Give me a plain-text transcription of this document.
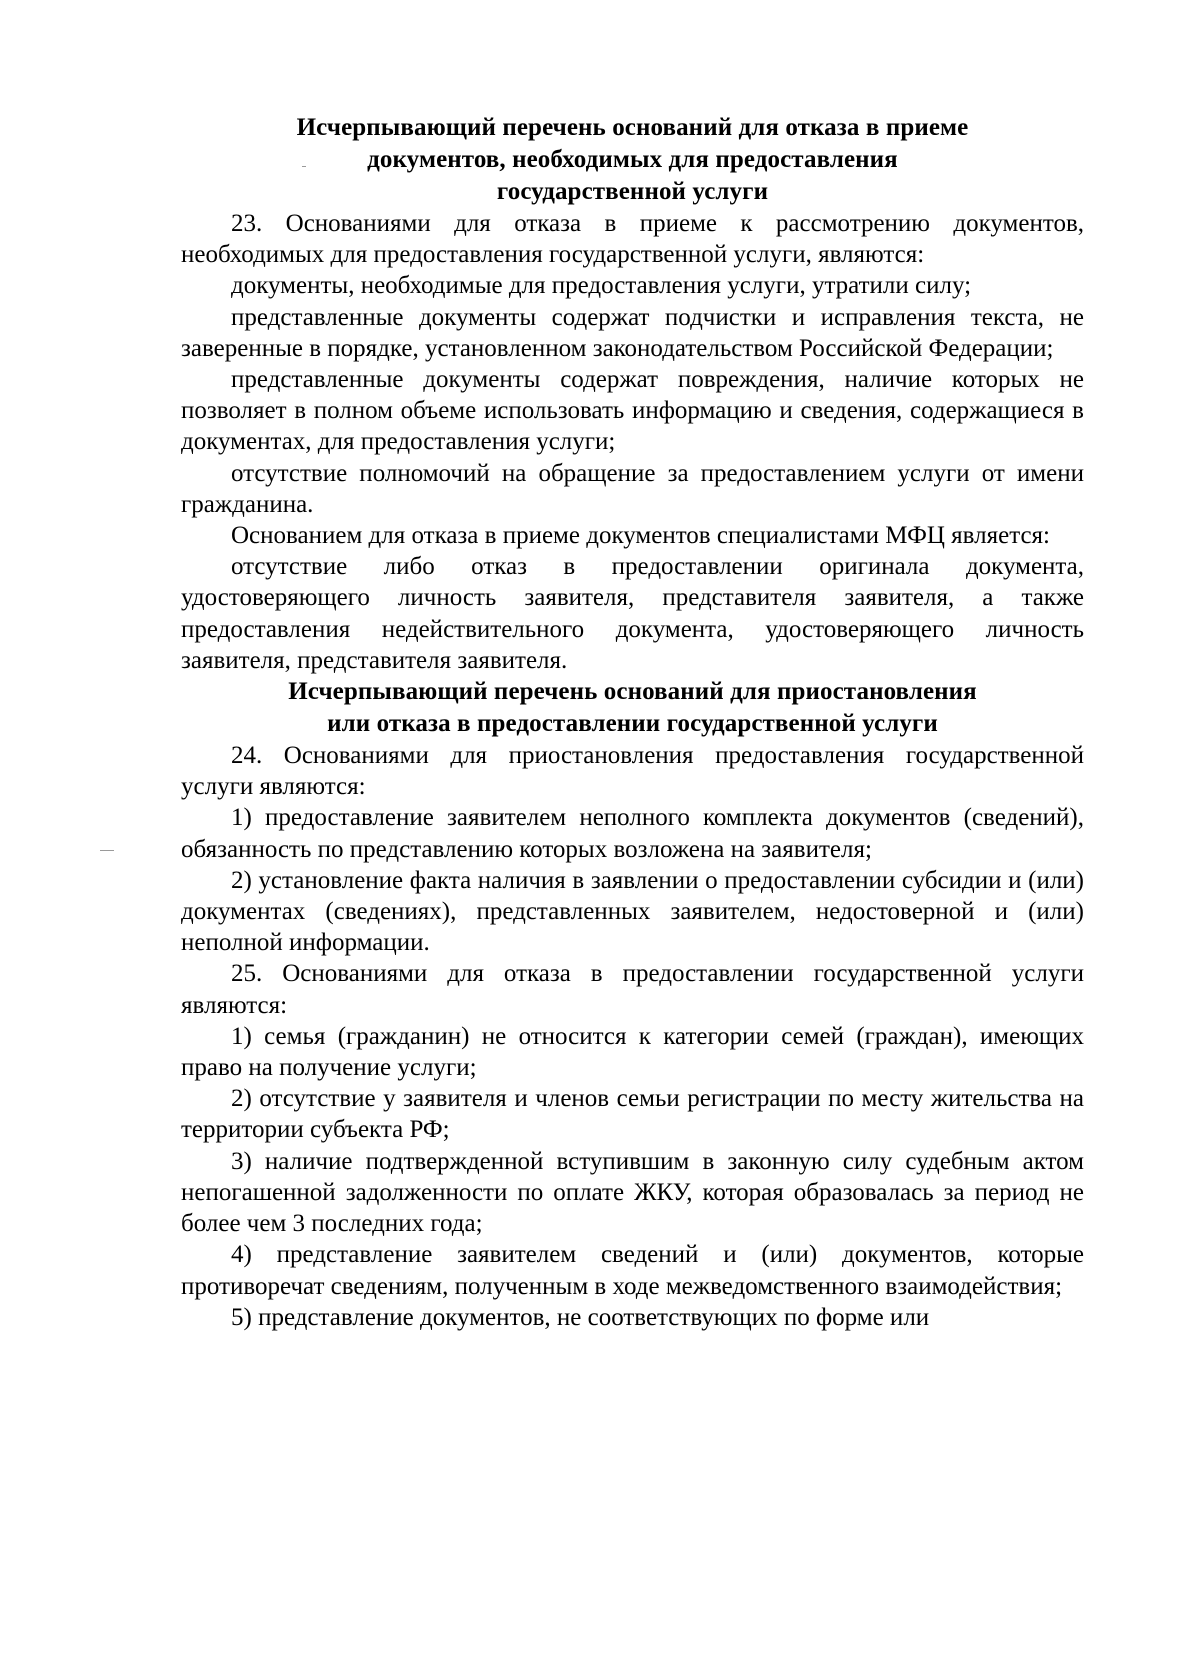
Исчерпывающий перечень оснований для отказа в приеме
документов, необходимых для предоставления
государственной услуги

23. Основаниями для отказа в приеме к рассмотрению документов, необходимых для предоставления государственной услуги, являются:

документы, необходимые для предоставления услуги, утратили силу;

представленные документы содержат подчистки и исправления текста, не заверенные в порядке, установленном законодательством Российской Федерации;

представленные документы содержат повреждения, наличие которых не позволяет в полном объеме использовать информацию и сведения, содержащиеся в документах, для предоставления услуги;

отсутствие полномочий на обращение за предоставлением услуги от имени гражданина.

Основанием для отказа в приеме документов специалистами МФЦ является:

отсутствие либо отказ в предоставлении оригинала документа, удостоверяющего личность заявителя, представителя заявителя, а также предоставления недействительного документа, удостоверяющего личность заявителя, представителя заявителя.

Исчерпывающий перечень оснований для приостановления
или отказа в предоставлении государственной услуги

24. Основаниями для приостановления предоставления государственной услуги являются:

1) предоставление заявителем неполного комплекта документов (сведений), обязанность по представлению которых возложена на заявителя;

2) установление факта наличия в заявлении о предоставлении субсидии и (или) документах (сведениях), представленных заявителем, недостоверной и (или) неполной информации.

25. Основаниями для отказа в предоставлении государственной услуги являются:

1) семья (гражданин) не относится к категории семей (граждан), имеющих право на получение услуги;

2) отсутствие у заявителя и членов семьи регистрации по месту жительства на территории субъекта РФ;

3) наличие подтвержденной вступившим в законную силу судебным актом непогашенной задолженности по оплате ЖКУ, которая образовалась за период не более чем 3 последних года;

4) представление заявителем сведений и (или) документов, которые противоречат сведениям, полученным в ходе межведомственного взаимодействия;

5) представление документов, не соответствующих по форме или
